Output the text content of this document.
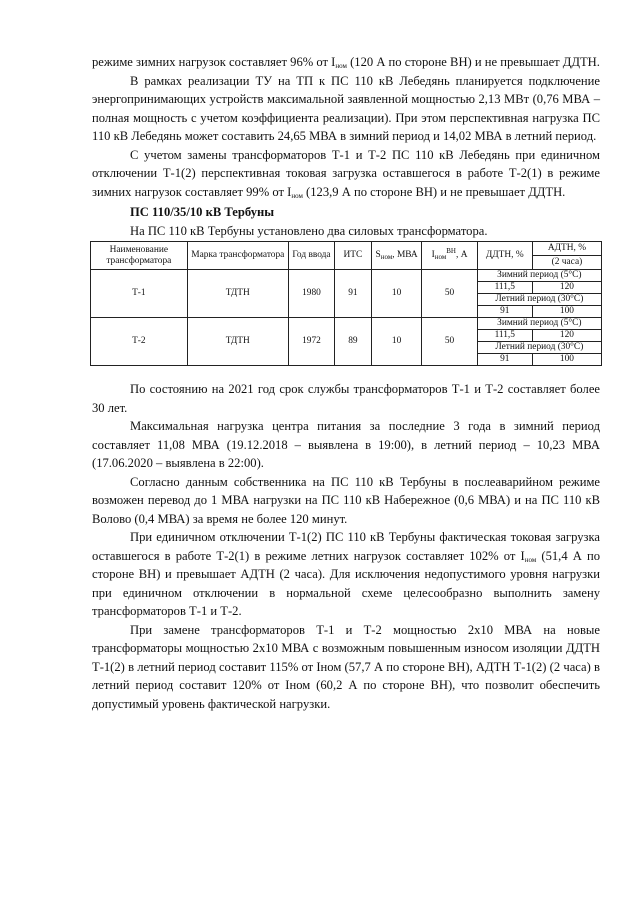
режиме зимних нагрузок составляет 96% от $I_{ном}$ (120 А по стороне ВН) и не превышает ДДТН.

В рамках реализации ТУ на ТП к ПС 110 кВ Лебедянь планируется подключение энергопринимающих устройств максимальной заявленной мощностью 2,13 МВт (0,76 МВА – полная мощность с учетом коэффициента реализации). При этом перспективная нагрузка ПС 110 кВ Лебедянь может составить 24,65 МВА в зимний период и 14,02 МВА в летний период.

С учетом замены трансформаторов Т-1 и Т-2 ПС 110 кВ Лебедянь при единичном отключении Т-1(2) перспективная токовая загрузка оставшегося в работе Т-2(1) в режиме зимних нагрузок составляет 99% от $I_{ном}$ (123,9 А по стороне ВН) и не превышает ДДТН.

ПС 110/35/10 кВ Тербуны

На ПС 110 кВ Тербуны установлено два силовых трансформатора.

Наименование трансформатора	Марка трансформатора	Год ввода	ИТС	$S_{ном}$, МВА	$I_{ном}^{ВН}$, А	ДДТН, %	АДТН, %
							(2 часа)
Т-1	ТДТН	1980	91	10	50	Зимний период (5°С)	
						111,5	120
						Летний период (30°С)	
						91	100
Т-2	ТДТН	1972	89	10	50	Зимний период (5°С)	
						111,5	120
						Летний период (30°С)	
						91	100

По состоянию на 2021 год срок службы трансформаторов Т-1 и Т-2 составляет более 30 лет.

Максимальная нагрузка центра питания за последние 3 года в зимний период составляет 11,08 МВА (19.12.2018 – выявлена в 19:00), в летний период – 10,23 МВА (17.06.2020 – выявлена в 22:00).

Согласно данным собственника на ПС 110 кВ Тербуны в послеаварийном режиме возможен перевод до 1 МВА нагрузки на ПС 110 кВ Набережное (0,6 МВА) и на ПС 110 кВ Волово (0,4 МВА) за время не более 120 минут.

При единичном отключении Т-1(2) ПС 110 кВ Тербуны фактическая токовая загрузка оставшегося в работе Т-2(1) в режиме летних нагрузок составляет 102% от $I_{ном}$ (51,4 А по стороне ВН) и превышает АДТН (2 часа). Для исключения недопустимого уровня нагрузки при единичном отключении в нормальной схеме целесообразно выполнить замену трансформаторов Т-1 и Т-2.

При замене трансформаторов Т-1 и Т-2 мощностью 2х10 МВА на новые трансформаторы мощностью 2х10 МВА с возможным повышенным износом изоляции ДДТН Т-1(2) в летний период составит 115% от Iном (57,7 А по стороне ВН), АДТН Т-1(2) (2 часа) в летний период составит 120% от Iном (60,2 А по стороне ВН), что позволит обеспечить допустимый уровень фактической нагрузки.
